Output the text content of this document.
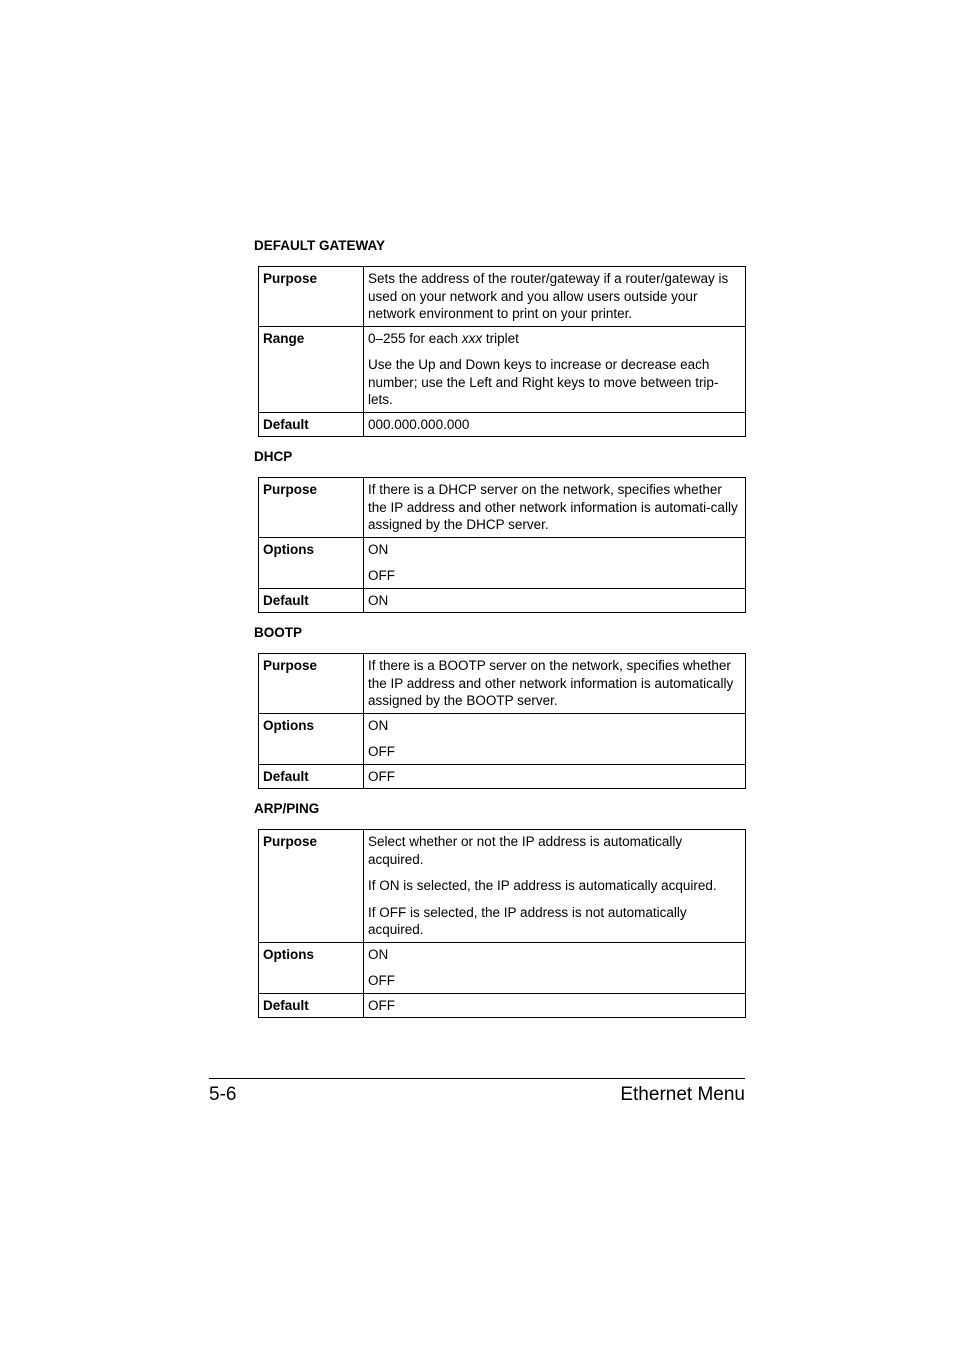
DEFAULT GATEWAY
Purpose	Sets the address of the router/gateway if a router/gateway is used on your network and you allow users outside your network environment to print on your printer.

Range	0–255 for each xxx triplet

Use the Up and Down keys to increase or decrease each number; use the Left and Right keys to move between trip-lets.

Default	000.000.000.000

DHCP
Purpose	If there is a DHCP server on the network, specifies whether the IP address and other network information is automati-cally assigned by the DHCP server.

Options	ON

OFF

Default	ON

BOOTP
Purpose	If there is a BOOTP server on the network, specifies whether the IP address and other network information is automatically assigned by the BOOTP server.

Options	ON

OFF

Default	OFF

ARP/PING
Purpose	Select whether or not the IP address is automatically acquired.

If ON is selected, the IP address is automatically acquired.

If OFF is selected, the IP address is not automatically acquired.

Options	ON

OFF

Default	OFF

5-6	Ethernet Menu
